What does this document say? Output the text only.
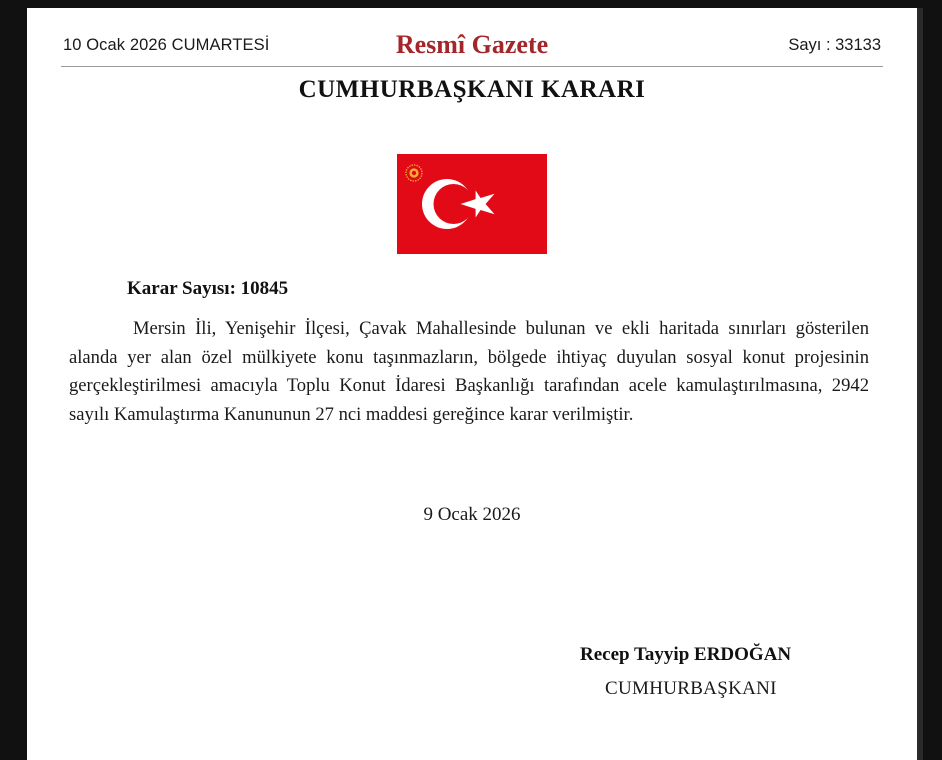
10 Ocak 2026 CUMARTESİ	Resmî Gazete	Sayı : 33133
CUMHURBAŞKANI KARARI
Karar Sayısı: 10845
Mersin İli, Yenişehir İlçesi, Çavak Mahallesinde bulunan ve ekli haritada sınırları gösterilen alanda yer alan özel mülkiyete konu taşınmazların, bölgede ihtiyaç duyulan sosyal konut projesinin gerçekleştirilmesi amacıyla Toplu Konut İdaresi Başkanlığı tarafından acele kamulaştırılmasına, 2942 sayılı Kamulaştırma Kanununun 27 nci maddesi gereğince karar verilmiştir.
9 Ocak 2026
Recep Tayyip ERDOĞAN
CUMHURBAŞKANI
